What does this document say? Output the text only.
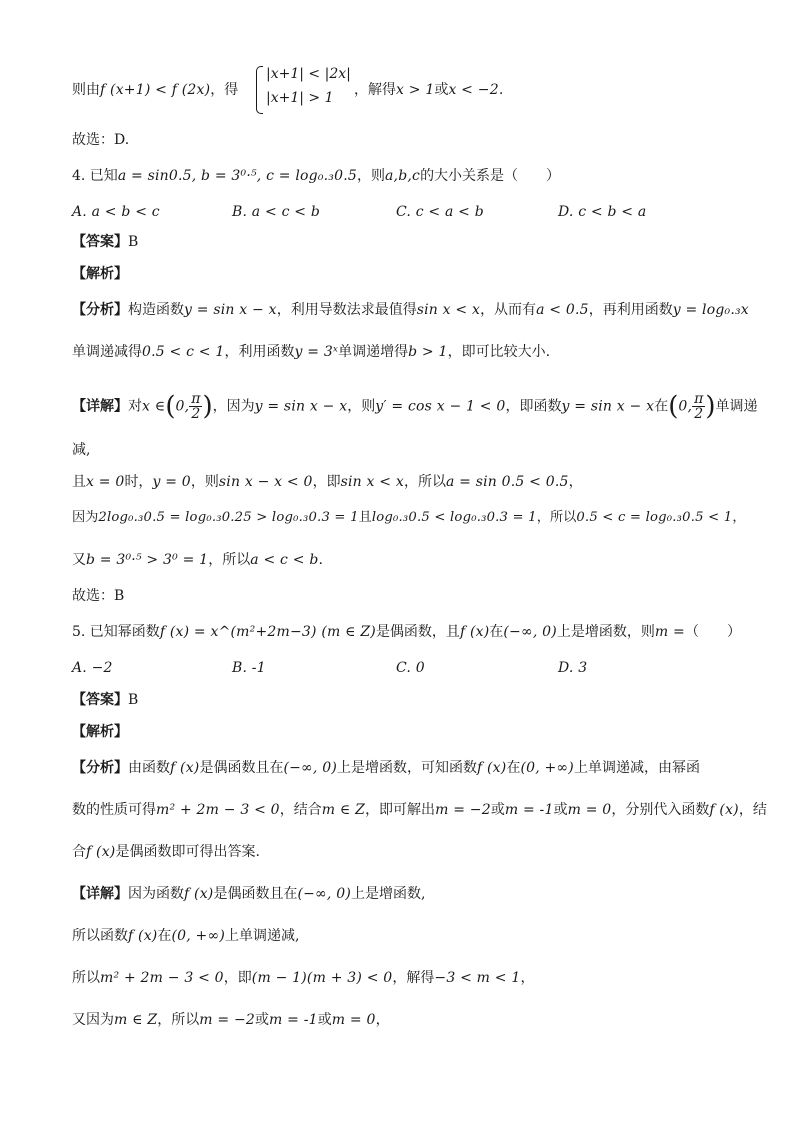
则由f (x+1) < f (2x)，得
|x+1| < |2x|
|x+1| > 1 ，解得x > 1或x < −2.
故选：D.
4. 已知a = sin0.5, b = 3⁰·⁵, c = log₀.₃0.5，则a,b,c的大小关系是（　　）
A. a < b < c	B. a < c < b	C. c < a < b	D. c < b < a
【答案】B
【解析】
【分析】构造函数y = sin x − x，利用导数法求最值得sin x < x，从而有a < 0.5，再利用函数y = log₀.₃x
单调递减得0.5 < c < 1，利用函数y = 3ˣ单调递增得b > 1，即可比较大小.
【详解】对x ∈(0, $\frac{\pi}{2}$ )，因为y = sin x − x，则y′ = cos x − 1 < 0，即函数y = sin x − x在(0, $\frac{\pi}{2}$ )单调递
减,
且x = 0时，y = 0，则sin x − x < 0，即sin x < x，所以a = sin 0.5 < 0.5，
因为2log₀.₃0.5 = log₀.₃0.25 > log₀.₃0.3 = 1且log₀.₃0.5 < log₀.₃0.3 = 1，所以0.5 < c = log₀.₃0.5 < 1，
又b = 3⁰·⁵ > 3⁰ = 1，所以a < c < b.
故选：B
5. 已知幂函数f (x) = x^(m²+2m−3) (m ∈ Z)是偶函数，且f (x)在(−∞, 0)上是增函数，则m =（　　）
A. −2	B. -1	C. 0	D. 3
【答案】B
【解析】
【分析】由函数f (x)是偶函数且在(−∞, 0)上是增函数，可知函数f (x)在(0, +∞)上单调递减，由幂函
数的性质可得m² + 2m − 3 < 0，结合m ∈ Z，即可解出m = −2或m = -1或m = 0，分别代入函数f (x)，结
合f (x)是偶函数即可得出答案.
【详解】因为函数f (x)是偶函数且在(−∞, 0)上是增函数,
所以函数f (x)在(0, +∞)上单调递减,
所以m² + 2m − 3 < 0，即(m − 1)(m + 3) < 0，解得−3 < m < 1，
又因为m ∈ Z，所以m = −2或m = -1或m = 0，
